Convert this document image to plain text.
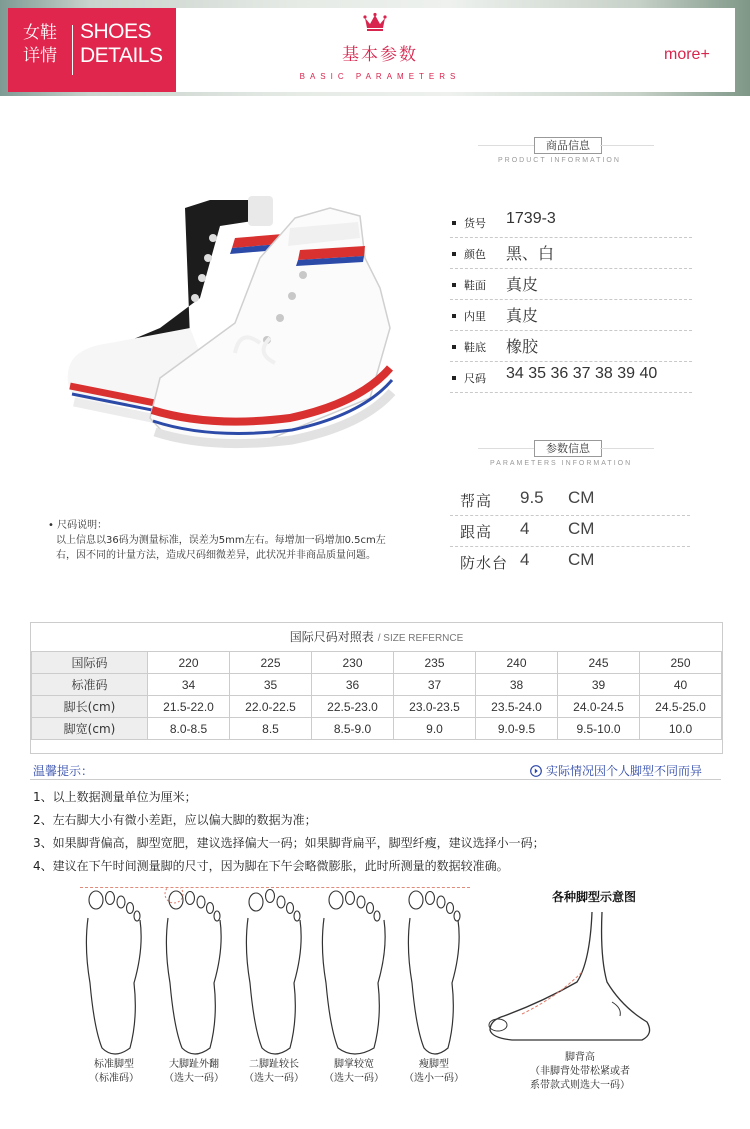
女鞋
详情
SHOES
DETAILS	基本参数
BASIC PARAMETERS
more+
商品信息
PRODUCT INFORMATION
货号 1739-3
颜色 黑、白
鞋面 真皮
内里 真皮
鞋底 橡胶
尺码 34 35 36 37 38 39 40
参数信息
PARAMETERS INFORMATION
帮高 9.5 CM
跟高 4 CM
防水台 4 CM
• 尺码说明：
以上信息以36码为测量标准，误差为5mm左右。每增加一码增加0.5cm左右，因不同的计量方法，造成尺码细微差异，此状况并非商品质量问题。
国际尺码对照表 / SIZE REFERNCE
国际码	220	225	230	235	240	245	250
标准码	34	35	36	37	38	39	40
脚长(cm)	21.5-22.0	22.0-22.5	22.5-23.0	23.0-23.5	23.5-24.0	24.0-24.5	24.5-25.0
脚宽(cm)	8.0-8.5	8.5	8.5-9.0	9.0	9.0-9.5	9.5-10.0	10.0
温馨提示：	实际情况因个人脚型不同而异
1、以上数据测量单位为厘米；
2、左右脚大小有微小差距，应以偏大脚的数据为准；
3、如果脚背偏高，脚型宽肥，建议选择偏大一码；如果脚背扁平，脚型纤瘦，建议选择小一码；
4、建议在下午时间测量脚的尺寸，因为脚在下午会略微膨胀，此时所测量的数据较准确。
标准脚型
（标准码）
大脚趾外翻
（选大一码）
二脚趾较长
（选大一码）
脚掌较宽
（选大一码）
瘦脚型
（选小一码）
各种脚型示意图
脚背高
（非脚背处带松紧或者
系带款式则选大一码）
